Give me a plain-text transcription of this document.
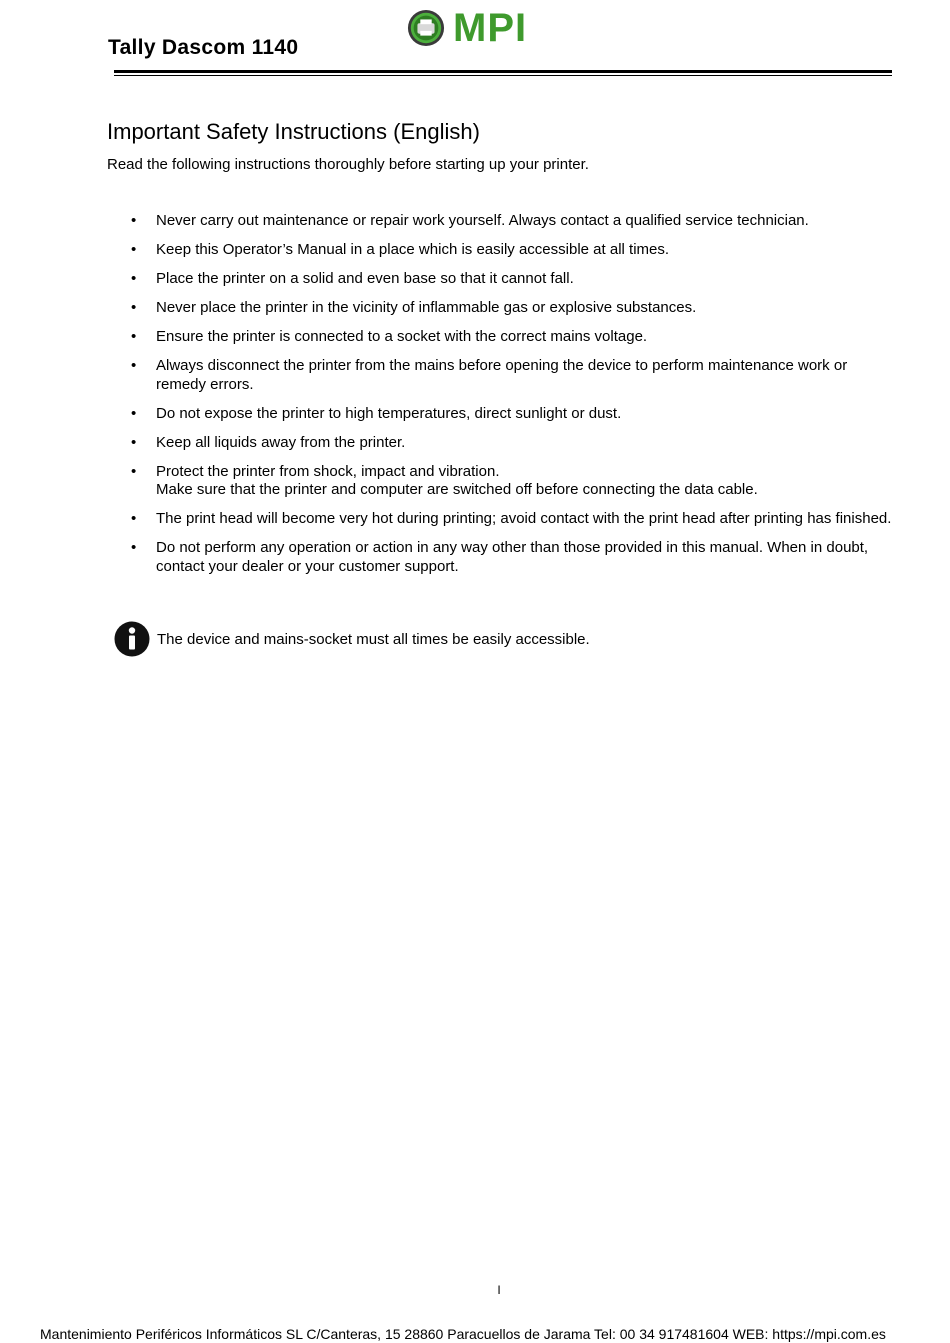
Tally Dascom 1140	MPI
Important Safety Instructions (English)

Read the following instructions thoroughly before starting up your printer.

• Never carry out maintenance or repair work yourself. Always contact a qualified service technician.
• Keep this Operator’s Manual in a place which is easily accessible at all times.
• Place the printer on a solid and even base so that it cannot fall.
• Never place the printer in the vicinity of inflammable gas or explosive substances.
• Ensure the printer is connected to a socket with the correct mains voltage.
• Always disconnect the printer from the mains before opening the device to perform maintenance work or remedy errors.
• Do not expose the printer to high temperatures, direct sunlight or dust.
• Keep all liquids away from the printer.
• Protect the printer from shock, impact and vibration.
Make sure that the printer and computer are switched off before connecting the data cable.
• The print head will become very hot during printing; avoid contact with the print head after printing has finished.
• Do not perform any operation or action in any way other than those provided in this manual. When in doubt, contact your dealer or your customer support.
The device and mains-socket must all times be easily accessible.
I
Mantenimiento Periféricos Informáticos SL C/Canteras, 15 28860 Paracuellos de Jarama Tel: 00 34 917481604 WEB: https://mpi.com.es
